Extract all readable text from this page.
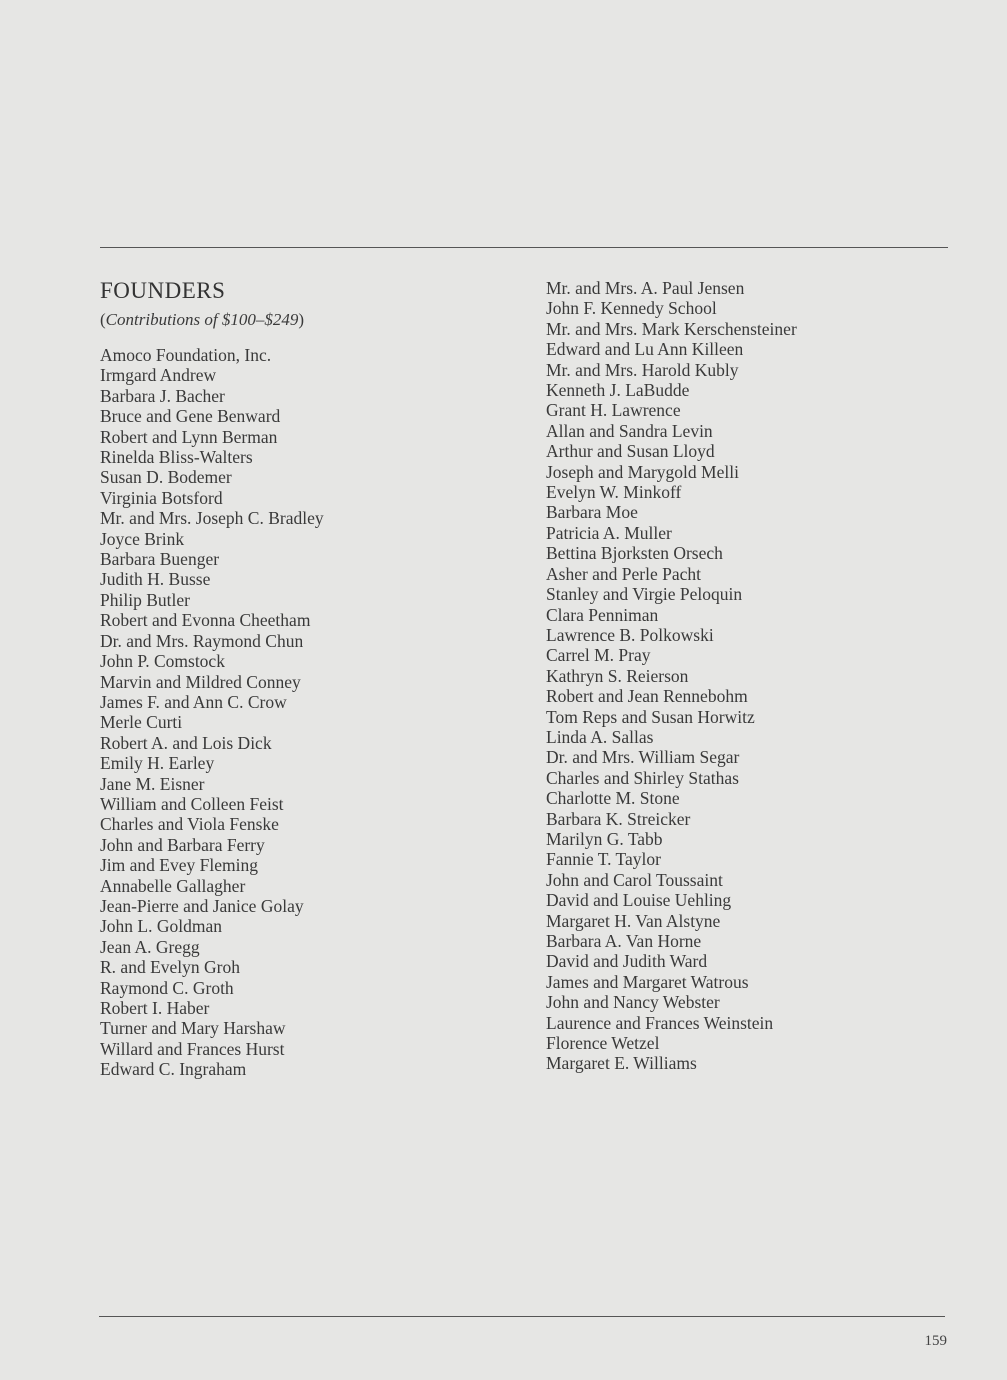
FOUNDERS
(Contributions of $100–$249)
Amoco Foundation, Inc.
Irmgard Andrew
Barbara J. Bacher
Bruce and Gene Benward
Robert and Lynn Berman
Rinelda Bliss-Walters
Susan D. Bodemer
Virginia Botsford
Mr. and Mrs. Joseph C. Bradley
Joyce Brink
Barbara Buenger
Judith H. Busse
Philip Butler
Robert and Evonna Cheetham
Dr. and Mrs. Raymond Chun
John P. Comstock
Marvin and Mildred Conney
James F. and Ann C. Crow
Merle Curti
Robert A. and Lois Dick
Emily H. Earley
Jane M. Eisner
William and Colleen Feist
Charles and Viola Fenske
John and Barbara Ferry
Jim and Evey Fleming
Annabelle Gallagher
Jean-Pierre and Janice Golay
John L. Goldman
Jean A. Gregg
R. and Evelyn Groh
Raymond C. Groth
Robert I. Haber
Turner and Mary Harshaw
Willard and Frances Hurst
Edward C. Ingraham
Mr. and Mrs. A. Paul Jensen
John F. Kennedy School
Mr. and Mrs. Mark Kerschensteiner
Edward and Lu Ann Killeen
Mr. and Mrs. Harold Kubly
Kenneth J. LaBudde
Grant H. Lawrence
Allan and Sandra Levin
Arthur and Susan Lloyd
Joseph and Marygold Melli
Evelyn W. Minkoff
Barbara Moe
Patricia A. Muller
Bettina Bjorksten Orsech
Asher and Perle Pacht
Stanley and Virgie Peloquin
Clara Penniman
Lawrence B. Polkowski
Carrel M. Pray
Kathryn S. Reierson
Robert and Jean Rennebohm
Tom Reps and Susan Horwitz
Linda A. Sallas
Dr. and Mrs. William Segar
Charles and Shirley Stathas
Charlotte M. Stone
Barbara K. Streicker
Marilyn G. Tabb
Fannie T. Taylor
John and Carol Toussaint
David and Louise Uehling
Margaret H. Van Alstyne
Barbara A. Van Horne
David and Judith Ward
James and Margaret Watrous
John and Nancy Webster
Laurence and Frances Weinstein
Florence Wetzel
Margaret E. Williams
159
